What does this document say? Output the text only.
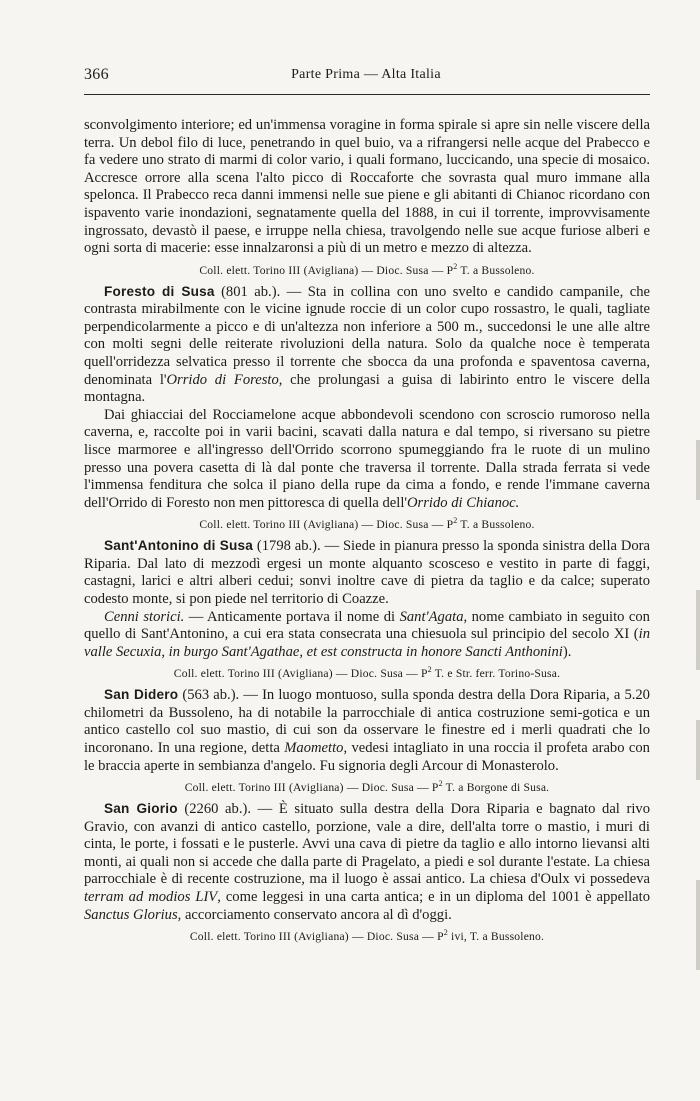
366	Parte Prima — Alta Italia

sconvolgimento interiore; ed un'immensa voragine in forma spirale si apre sin nelle viscere della terra. Un debol filo di luce, penetrando in quel buio, va a rifrangersi nelle acque del Prabecco e fa vedere uno strato di marmi di color vario, i quali formano, luccicando, una specie di mosaico. Accresce orrore alla scena l'alto picco di Roccaforte che sovrasta qual muro immane alla spelonca. Il Prabecco reca danni immensi nelle sue piene e gli abitanti di Chianoc ricordano con ispavento varie inondazioni, segnatamente quella del 1888, in cui il torrente, improvvisamente ingrossato, devastò il paese, e irruppe nella chiesa, travolgendo nelle sue acque furiose alberi e ogni sorta di macerie: esse innalzaronsi a più di un metro e mezzo di altezza.

Coll. elett. Torino III (Avigliana) — Dioc. Susa — $P^2$ T. a Bussoleno.

Foresto di Susa (801 ab.). — Sta in collina con uno svelto e candido campanile, che contrasta mirabilmente con le vicine ignude roccie di un color cupo rossastro, le quali, tagliate perpendicolarmente a picco e di un'altezza non inferiore a 500 m., succedonsi le une alle altre con molti segni delle reiterate rivoluzioni della natura. Solo da qualche noce è temperata quell'orridezza selvatica presso il torrente che sbocca da una profonda e spaventosa caverna, denominata l'Orrido di Foresto, che prolungasi a guisa di labirinto entro le viscere della montagna.

Dai ghiacciai del Rocciamelone acque abbondevoli scendono con scroscio rumoroso nella caverna, e, raccolte poi in varii bacini, scavati dalla natura e dal tempo, si riversano su pietre lisce marmoree e all'ingresso dell'Orrido scorrono spumeggiando fra le ruote di un mulino presso una povera casetta di là dal ponte che traversa il torrente. Dalla strada ferrata si vede l'immensa fenditura che solca il piano della rupe da cima a fondo, e rende l'immane caverna dell'Orrido di Foresto non men pittoresca di quella dell'Orrido di Chianoc.

Coll. elett. Torino III (Avigliana) — Dioc. Susa — $P^2$ T. a Bussoleno.

Sant'Antonino di Susa (1798 ab.). — Siede in pianura presso la sponda sinistra della Dora Riparia. Dal lato di mezzodì ergesi un monte alquanto scosceso e vestito in parte di faggi, castagni, larici e altri alberi cedui; sonvi inoltre cave di pietra da taglio e da calce; superato codesto monte, si pon piede nel territorio di Coazze.

Cenni storici. — Anticamente portava il nome di Sant'Agata, nome cambiato in seguito con quello di Sant'Antonino, a cui era stata consecrata una chiesuola sul principio del secolo XI (in valle Secuxia, in burgo Sant'Agathae, et est constructa in honore Sancti Anthonini).

Coll. elett. Torino III (Avigliana) — Dioc. Susa — $P^2$ T. e Str. ferr. Torino-Susa.

San Didero (563 ab.). — In luogo montuoso, sulla sponda destra della Dora Riparia, a 5.20 chilometri da Bussoleno, ha di notabile la parrocchiale di antica costruzione semi-gotica e un antico castello col suo mastio, di cui son da osservare le finestre ed i merli quadrati che lo incoronano. In una regione, detta Maometto, vedesi intagliato in una roccia il profeta arabo con le braccia aperte in sembianza d'angelo. Fu signoria degli Arcour di Monasterolo.

Coll. elett. Torino III (Avigliana) — Dioc. Susa — $P^2$ T. a Borgone di Susa.

San Giorio (2260 ab.). — È situato sulla destra della Dora Riparia e bagnato dal rivo Gravio, con avanzi di antico castello, porzione, vale a dire, dell'alta torre o mastio, i muri di cinta, le porte, i fossati e le pusterle. Avvi una cava di pietre da taglio e allo intorno lievansi alti monti, ai quali non si accede che dalla parte di Pragelato, a piedi e sol durante l'estate. La chiesa parrocchiale è di recente costruzione, ma il luogo è assai antico. La chiesa d'Oulx vi possedeva terram ad modios LIV, come leggesi in una carta antica; e in un diploma del 1001 è appellato Sanctus Glorius, accorciamento conservato ancora al dì d'oggi.

Coll. elett. Torino III (Avigliana) — Dioc. Susa — $P^2$ ivi, T. a Bussoleno.
